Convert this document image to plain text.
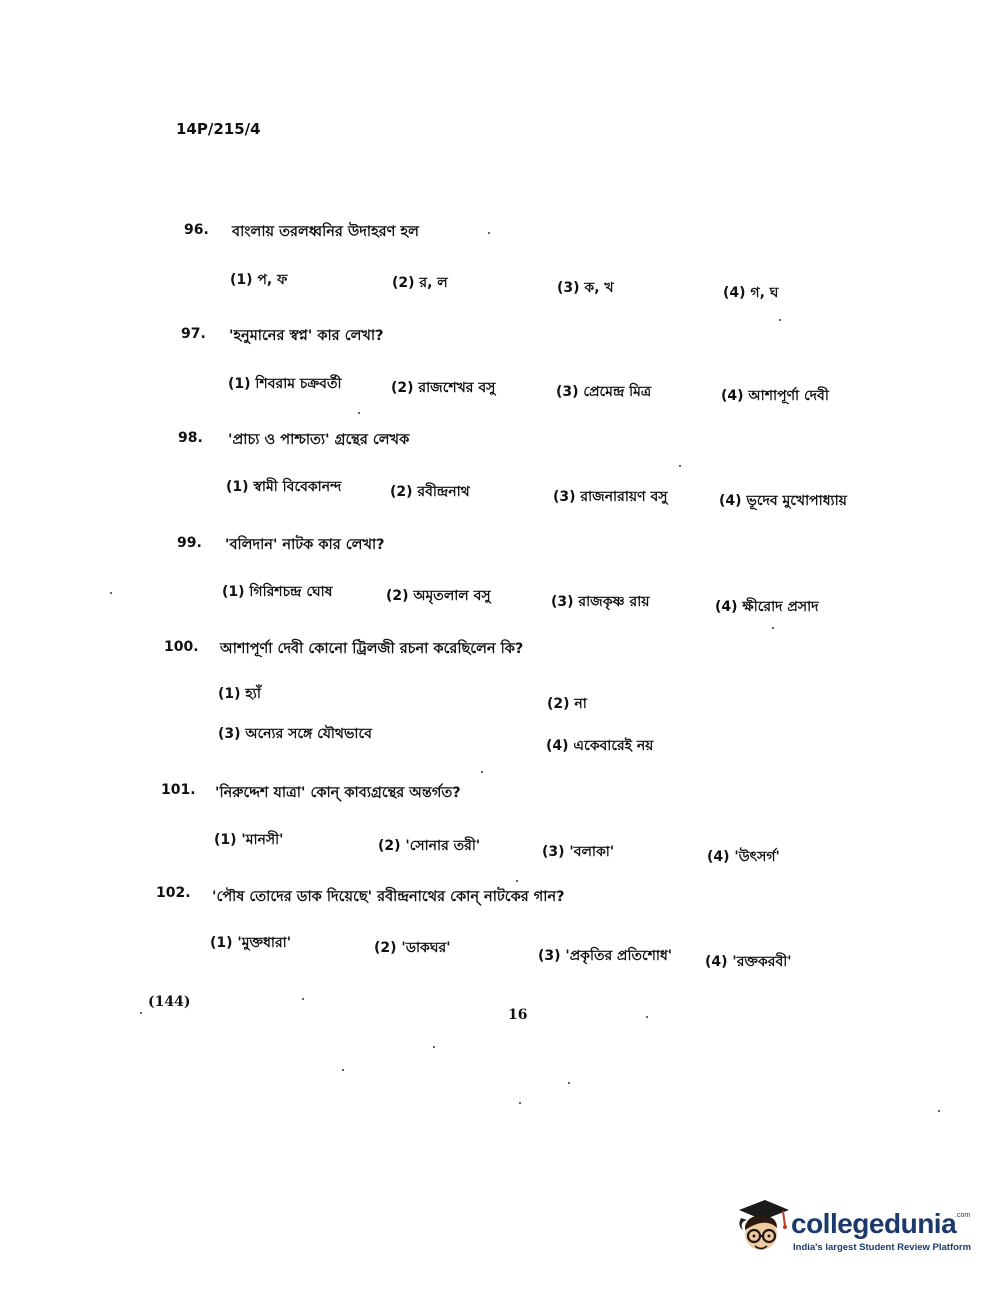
14P/215/4
96. বাংলায় তরলধ্বনির উদাহরণ হল
(1) প, ফ	(2) র, ল	(3) ক, খ	(4) গ, ঘ
97. 'হনুমানের স্বপ্ন' কার লেখা?
(1) শিবরাম চক্রবর্তী	(2) রাজশেখর বসু	(3) প্রেমেন্দ্র মিত্র	(4) আশাপূর্ণা দেবী
98. 'প্রাচ্য ও পাশ্চাত্য' গ্রন্থের লেখক
(1) স্বামী বিবেকানন্দ	(2) রবীন্দ্রনাথ	(3) রাজনারায়ণ বসু	(4) ভূদেব মুখোপাধ্যায়
99. 'বলিদান' নাটক কার লেখা?
(1) গিরিশচন্দ্র ঘোষ	(2) অমৃতলাল বসু	(3) রাজকৃষ্ণ রায়	(4) ক্ষীরোদ প্রসাদ
100. আশাপূর্ণা দেবী কোনো ট্রিলজী রচনা করেছিলেন কি?
(1) হ্যাঁ
(2) না
(3) অন্যের সঙ্গে যৌথভাবে
(4) একেবারেই নয়
101. 'নিরুদ্দেশ যাত্রা' কোন্ কাব্যগ্রন্থের অন্তর্গত?
(1) 'মানসী'	(2) 'সোনার তরী'	(3) 'বলাকা'	(4) 'উৎসর্গ'
102. 'পৌষ তোদের ডাক দিয়েছে' রবীন্দ্রনাথের কোন্ নাটকের গান?
(1) 'মুক্তধারা'	(2) 'ডাকঘর'	(3) 'প্রকৃতির প্রতিশোধ' (4) 'রক্তকরবী'
(144)
16
collegedunia
.com
India's largest Student Review Platform
